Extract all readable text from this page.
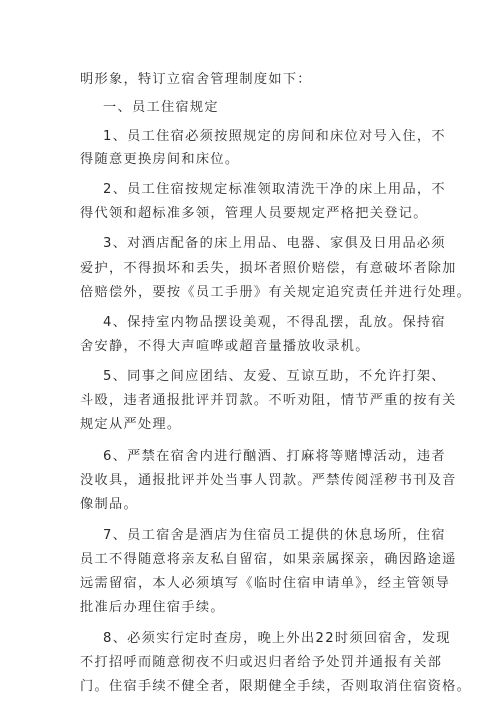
明形象，特订立宿舍管理制度如下：
一、员工住宿规定
1、员工住宿必须按照规定的房间和床位对号入住，不
得随意更换房间和床位。
2、员工住宿按规定标准领取清洗干净的床上用品，不
得代领和超标准多领，管理人员要规定严格把关登记。
3、对酒店配备的床上用品、电器、家俱及日用品必须
爱护，不得损坏和丢失，损坏者照价赔偿，有意破坏者除加
倍赔偿外，要按《员工手册》有关规定追究责任并进行处理。
4、保持室内物品摆设美观，不得乱摆，乱放。保持宿
舍安静，不得大声喧哗或超音量播放收录机。
5、同事之间应团结、友爱、互谅互助，不允许打架、
斗殴，违者通报批评并罚款。不听劝阻，情节严重的按有关
规定从严处理。
6、严禁在宿舍内进行酗酒、打麻将等赌博活动，违者
没收具，通报批评并处当事人罚款。严禁传阅淫秽书刊及音
像制品。
7、员工宿舍是酒店为住宿员工提供的休息场所，住宿
员工不得随意将亲友私自留宿，如果亲属探亲，确因路途遥
远需留宿，本人必须填写《临时住宿申请单》，经主管领导
批准后办理住宿手续。
8、必须实行定时查房，晚上外出22时须回宿舍，发现
不打招呼而随意彻夜不归或迟归者给予处罚并通报有关部
门。住宿手续不健全者，限期健全手续，否则取消住宿资格。
